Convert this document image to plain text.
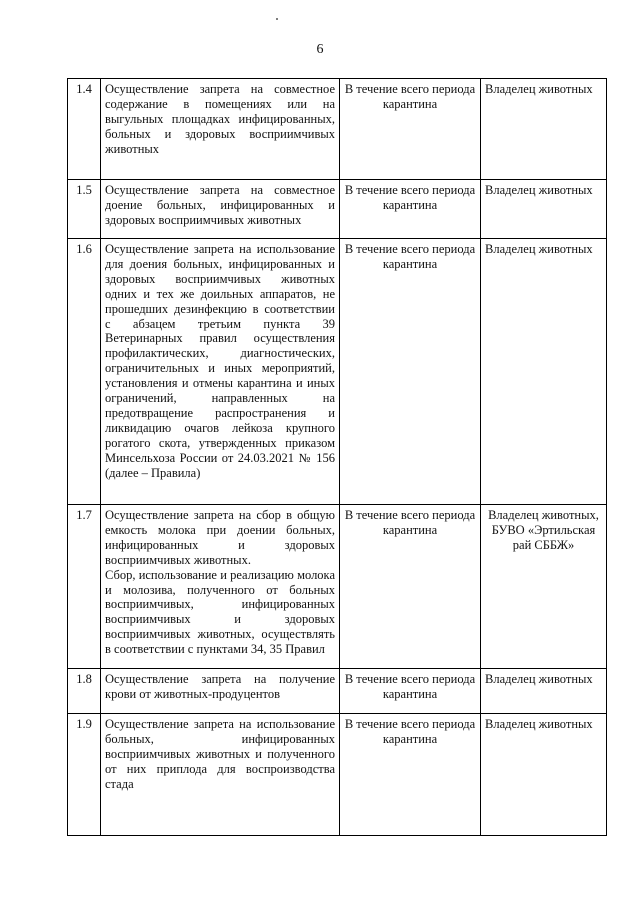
6
1.4	Осуществление запрета на совместное содержание в помещениях или на выгульных площадках инфицированных, больных и здоровых восприимчивых животных	В течение всего периода карантина	Владелец животных
1.5	Осуществление запрета на совместное доение больных, инфицированных и здоровых восприимчивых животных	В течение всего периода карантина	Владелец животных
1.6	Осуществление запрета на использование для доения больных, инфицированных и здоровых восприимчивых животных одних и тех же доильных аппаратов, не прошедших дезинфекцию в соответствии с абзацем третьим пункта 39 Ветеринарных правил осуществления профилактических, диагностических, ограничительных и иных мероприятий, установления и отмены карантина и иных ограничений, направленных на предотвращение распространения и ликвидацию очагов лейкоза крупного рогатого скота, утвержденных приказом Минсельхоза России от 24.03.2021 № 156 (далее – Правила)	В течение всего периода карантина	Владелец животных
1.7	Осуществление запрета на сбор в общую емкость молока при доении больных, инфицированных и здоровых восприимчивых животных.
Сбор, использование и реализацию молока и молозива, полученного от больных восприимчивых, инфицированных восприимчивых и здоровых восприимчивых животных, осуществлять в соответствии с пунктами 34, 35 Правил	В течение всего периода карантина	Владелец животных, БУВО «Эртильская рай СББЖ»
1.8	Осуществление запрета на получение крови от животных-продуцентов	В течение всего периода карантина	Владелец животных
1.9	Осуществление запрета на использование больных, инфицированных восприимчивых животных и полученного от них приплода для воспроизводства стада	В течение всего периода карантина	Владелец животных
